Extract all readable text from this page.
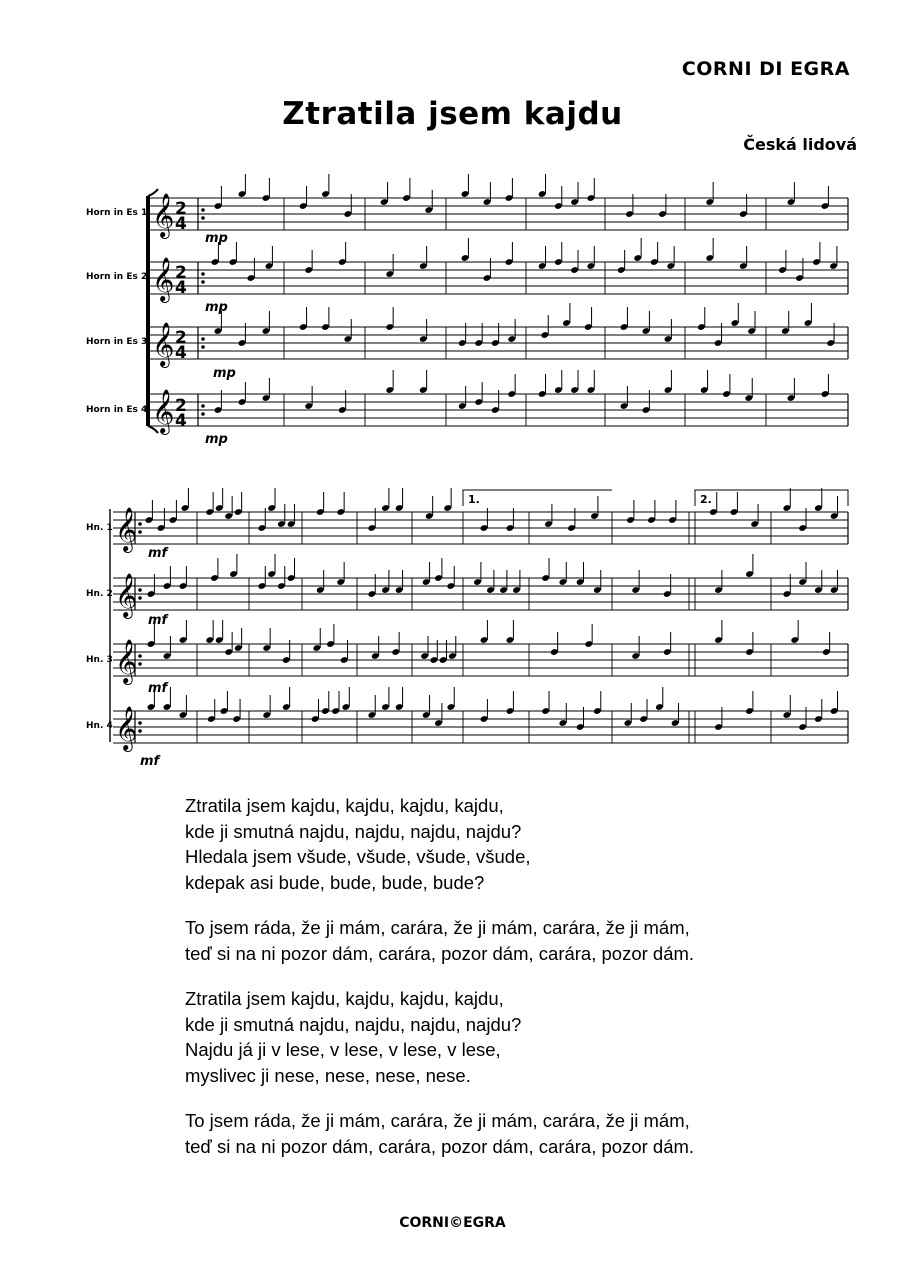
CORNI DI EGRA
Ztratila jsem kajdu
Česká lidová
Horn in Es 1
Horn in Es 2
Horn in Es 3
Horn in Es 4
Hn. 1
Hn. 2
Hn. 3
Hn. 4
𝄞
𝄞
𝄞
𝄞
𝄞
𝄞
𝄞
𝄞
2
4
2
4
2
4
2
4
mp
mp
mp
mp
mf
mf
mf
mf
1.	2.
Ztratila jsem kajdu, kajdu, kajdu, kajdu,
kde ji smutná najdu, najdu, najdu, najdu?
Hledala jsem všude, všude, všude, všude,
kdepak asi bude, bude, bude, bude?
To jsem ráda, že ji mám, carára, že ji mám, carára, že ji mám,
teď si na ni pozor dám, carára, pozor dám, carára, pozor dám.
Ztratila jsem kajdu, kajdu, kajdu, kajdu,
kde ji smutná najdu, najdu, najdu, najdu?
Najdu já ji v lese, v lese, v lese, v lese,
myslivec ji nese, nese, nese, nese.
To jsem ráda, že ji mám, carára, že ji mám, carára, že ji mám,
teď si na ni pozor dám, carára, pozor dám, carára, pozor dám.
CORNI©EGRA
